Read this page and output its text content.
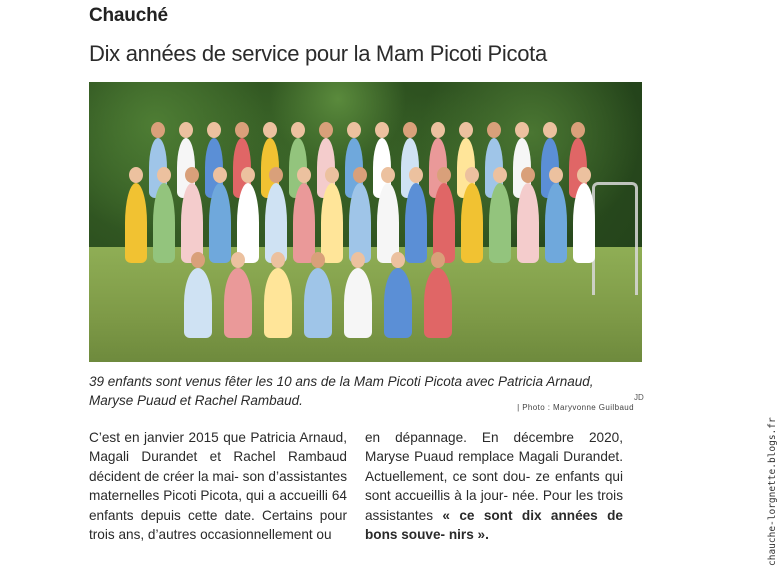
Chauché
Dix années de service pour la Mam Picoti Picota
39 enfants sont venus fêter les 10 ans de la Mam Picoti Picota avec Patricia Arnaud, Maryse Puaud et Rachel Rambaud.	| Photo : Maryvonne Guilbaud
JD
C’est en janvier 2015 que Patricia Arnaud, Magali Durandet et Rachel Rambaud décident de créer la mai- son d’assistantes maternelles Picoti Picota, qui a accueilli 64 enfants depuis cette date. Certains pour trois ans, d’autres occasionnellement ou
en dépannage. En décembre 2020, Maryse Puaud remplace Magali Durandet. Actuellement, ce sont dou- ze enfants qui sont accueillis à la jour- née. Pour les trois assistantes « ce sont dix années de bons souve- nirs ».	chauche-lorgnette.blogs.fr
